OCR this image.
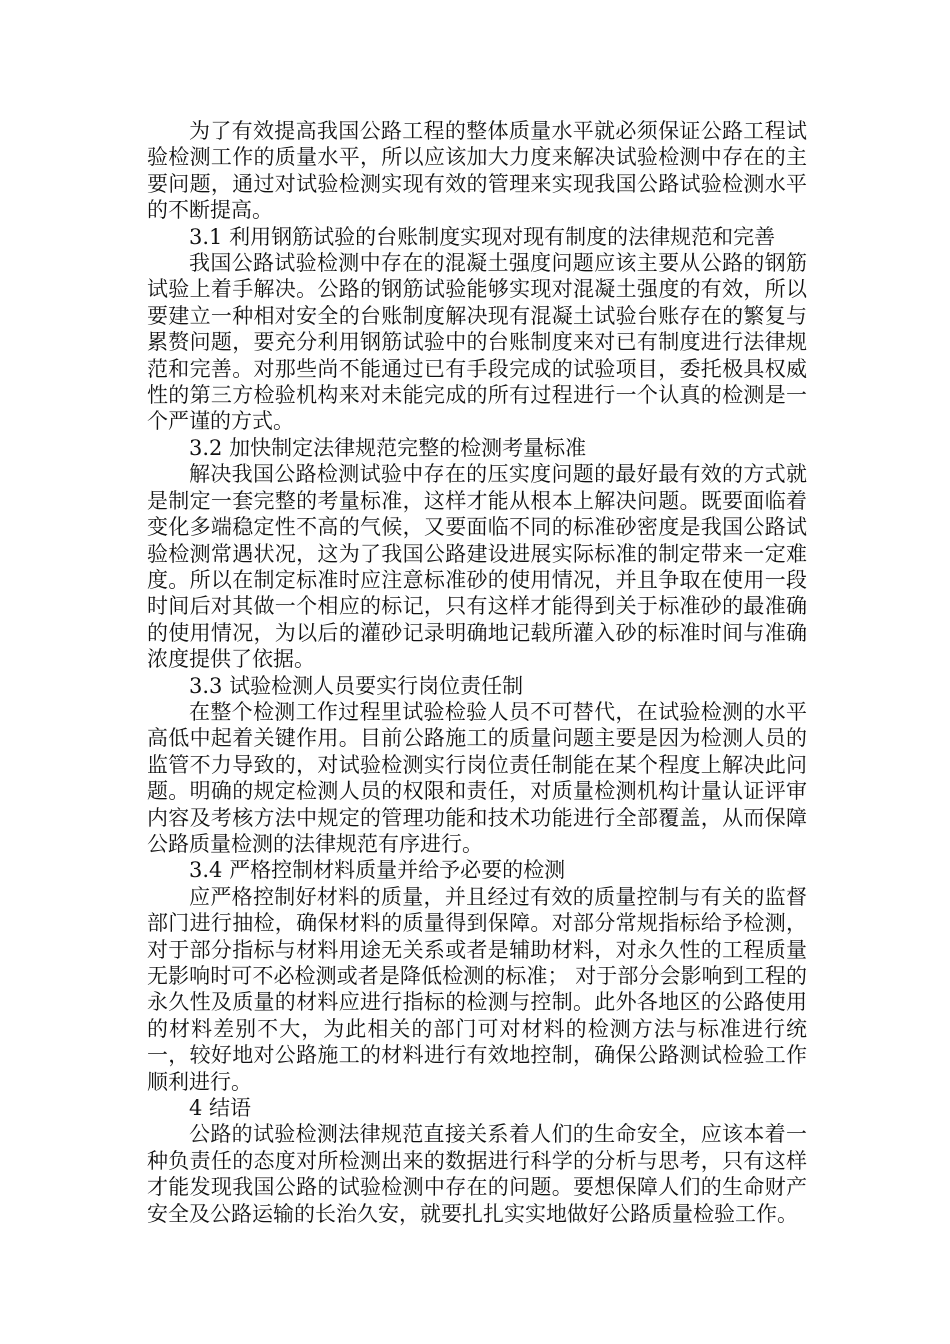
为了有效提高我国公路工程的整体质量水平就必须保证公路工程试验检测工作的质量水平，所以应该加大力度来解决试验检测中存在的主要问题，通过对试验检测实现有效的管理来实现我国公路试验检测水平的不断提高。

3.1 利用钢筋试验的台账制度实现对现有制度的法律规范和完善

我国公路试验检测中存在的混凝土强度问题应该主要从公路的钢筋试验上着手解决。公路的钢筋试验能够实现对混凝土强度的有效，所以要建立一种相对安全的台账制度解决现有混凝土试验台账存在的繁复与累赘问题，要充分利用钢筋试验中的台账制度来对已有制度进行法律规范和完善。对那些尚不能通过已有手段完成的试验项目，委托极具权威性的第三方检验机构来对未能完成的所有过程进行一个认真的检测是一个严谨的方式。

3.2 加快制定法律规范完整的检测考量标准

解决我国公路检测试验中存在的压实度问题的最好最有效的方式就是制定一套完整的考量标准，这样才能从根本上解决问题。既要面临着变化多端稳定性不高的气候，又要面临不同的标准砂密度是我国公路试验检测常遇状况，这为了我国公路建设进展实际标准的制定带来一定难度。所以在制定标准时应注意标准砂的使用情况，并且争取在使用一段时间后对其做一个相应的标记，只有这样才能得到关于标准砂的最准确的使用情况，为以后的灌砂记录明确地记载所灌入砂的标准时间与准确浓度提供了依据。

3.3 试验检测人员要实行岗位责任制

在整个检测工作过程里试验检验人员不可替代，在试验检测的水平高低中起着关键作用。目前公路施工的质量问题主要是因为检测人员的监管不力导致的，对试验检测实行岗位责任制能在某个程度上解决此问题。明确的规定检测人员的权限和责任，对质量检测机构计量认证评审内容及考核方法中规定的管理功能和技术功能进行全部覆盖，从而保障公路质量检测的法律规范有序进行。

3.4 严格控制材料质量并给予必要的检测

应严格控制好材料的质量，并且经过有效的质量控制与有关的监督部门进行抽检，确保材料的质量得到保障。对部分常规指标给予检测，对于部分指标与材料用途无关系或者是辅助材料，对永久性的工程质量无影响时可不必检测或者是降低检测的标准； 对于部分会影响到工程的永久性及质量的材料应进行指标的检测与控制。此外各地区的公路使用的材料差别不大，为此相关的部门可对材料的检测方法与标准进行统一，较好地对公路施工的材料进行有效地控制，确保公路测试检验工作顺利进行。

4 结语

公路的试验检测法律规范直接关系着人们的生命安全，应该本着一种负责任的态度对所检测出来的数据进行科学的分析与思考，只有这样才能发现我国公路的试验检测中存在的问题。要想保障人们的生命财产安全及公路运输的长治久安，就要扎扎实实地做好公路质量检验工作。
